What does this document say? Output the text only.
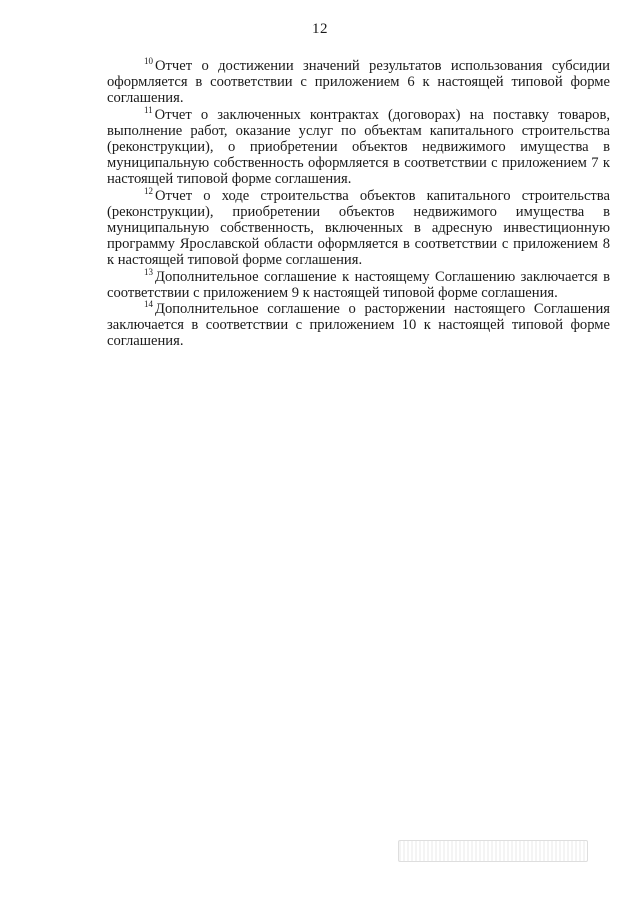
12

$^{10}$ Отчет о достижении значений результатов использования субсидии оформляется в соответствии с приложением 6 к настоящей типовой форме соглашения.

$^{11}$ Отчет о заключенных контрактах (договорах) на поставку товаров, выполнение работ, оказание услуг по объектам капитального строительства (реконструкции), о приобретении объектов недвижимого имущества в муниципальную собственность оформляется в соответствии с приложением 7 к настоящей типовой форме соглашения.

$^{12}$ Отчет о ходе строительства объектов капитального строительства (реконструкции), приобретении объектов недвижимого имущества в муниципальную собственность, включенных в адресную инвестиционную программу Ярославской области оформляется в соответствии с приложением 8 к настоящей типовой форме соглашения.

$^{13}$ Дополнительное соглашение к настоящему Соглашению заключается в соответствии с приложением 9 к настоящей типовой форме соглашения.

$^{14}$ Дополнительное соглашение о расторжении настоящего Соглашения заключается в соответствии с приложением 10 к настоящей типовой форме соглашения.
